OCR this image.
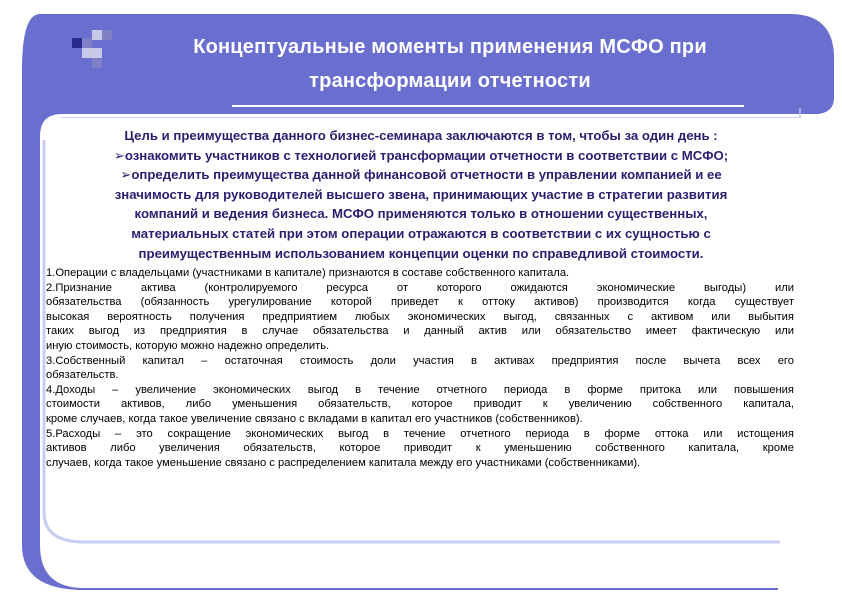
Концептуальные моменты применения МСФО при
трансформации отчетности
Цель и преимущества данного бизнес-семинара заключаются в том, чтобы за один день :
➢ознакомить участников с технологией трансформации отчетности в соответствии с МСФО;
➢определить преимущества данной финансовой отчетности в управлении компанией и ее
значимость для руководителей высшего звена, принимающих участие в стратегии развития
компаний и ведения бизнеса. МСФО применяются только в отношении существенных,
материальных статей при этом операции отражаются в соответствии с их сущностью с
преимущественным использованием концепции оценки по справедливой стоимости.

1.Операции с владельцами (участниками в капитале) признаются в составе собственного капитала.

2.Признание актива (контролируемого ресурса от которого ожидаются экономические выгоды) или
обязательства (обязанность урегулирование которой приведет к оттоку активов) производится когда существует
высокая вероятность получения предприятием любых экономических выгод, связанных с активом или выбытия
таких выгод из предприятия в случае обязательства и данный актив или обязательство имеет фактическую или
иную стоимость, которую можно надежно определить.

3.Собственный капитал – остаточная стоимость доли участия в активах предприятия после вычета всех его
обязательств.

4.Доходы – увеличение экономических выгод в течение отчетного периода в форме притока или повышения
стоимости активов, либо уменьшения обязательств, которое приводит к увеличению собственного капитала,
кроме случаев, когда такое увеличение связано с вкладами в капитал его участников (собственников).

5.Расходы – это сокращение экономических выгод в течение отчетного периода в форме оттока или истощения
активов либо увеличения обязательств, которое приводит к уменьшению собственного капитала, кроме
случаев, когда такое уменьшение связано с распределением капитала между его участниками (собственниками).
